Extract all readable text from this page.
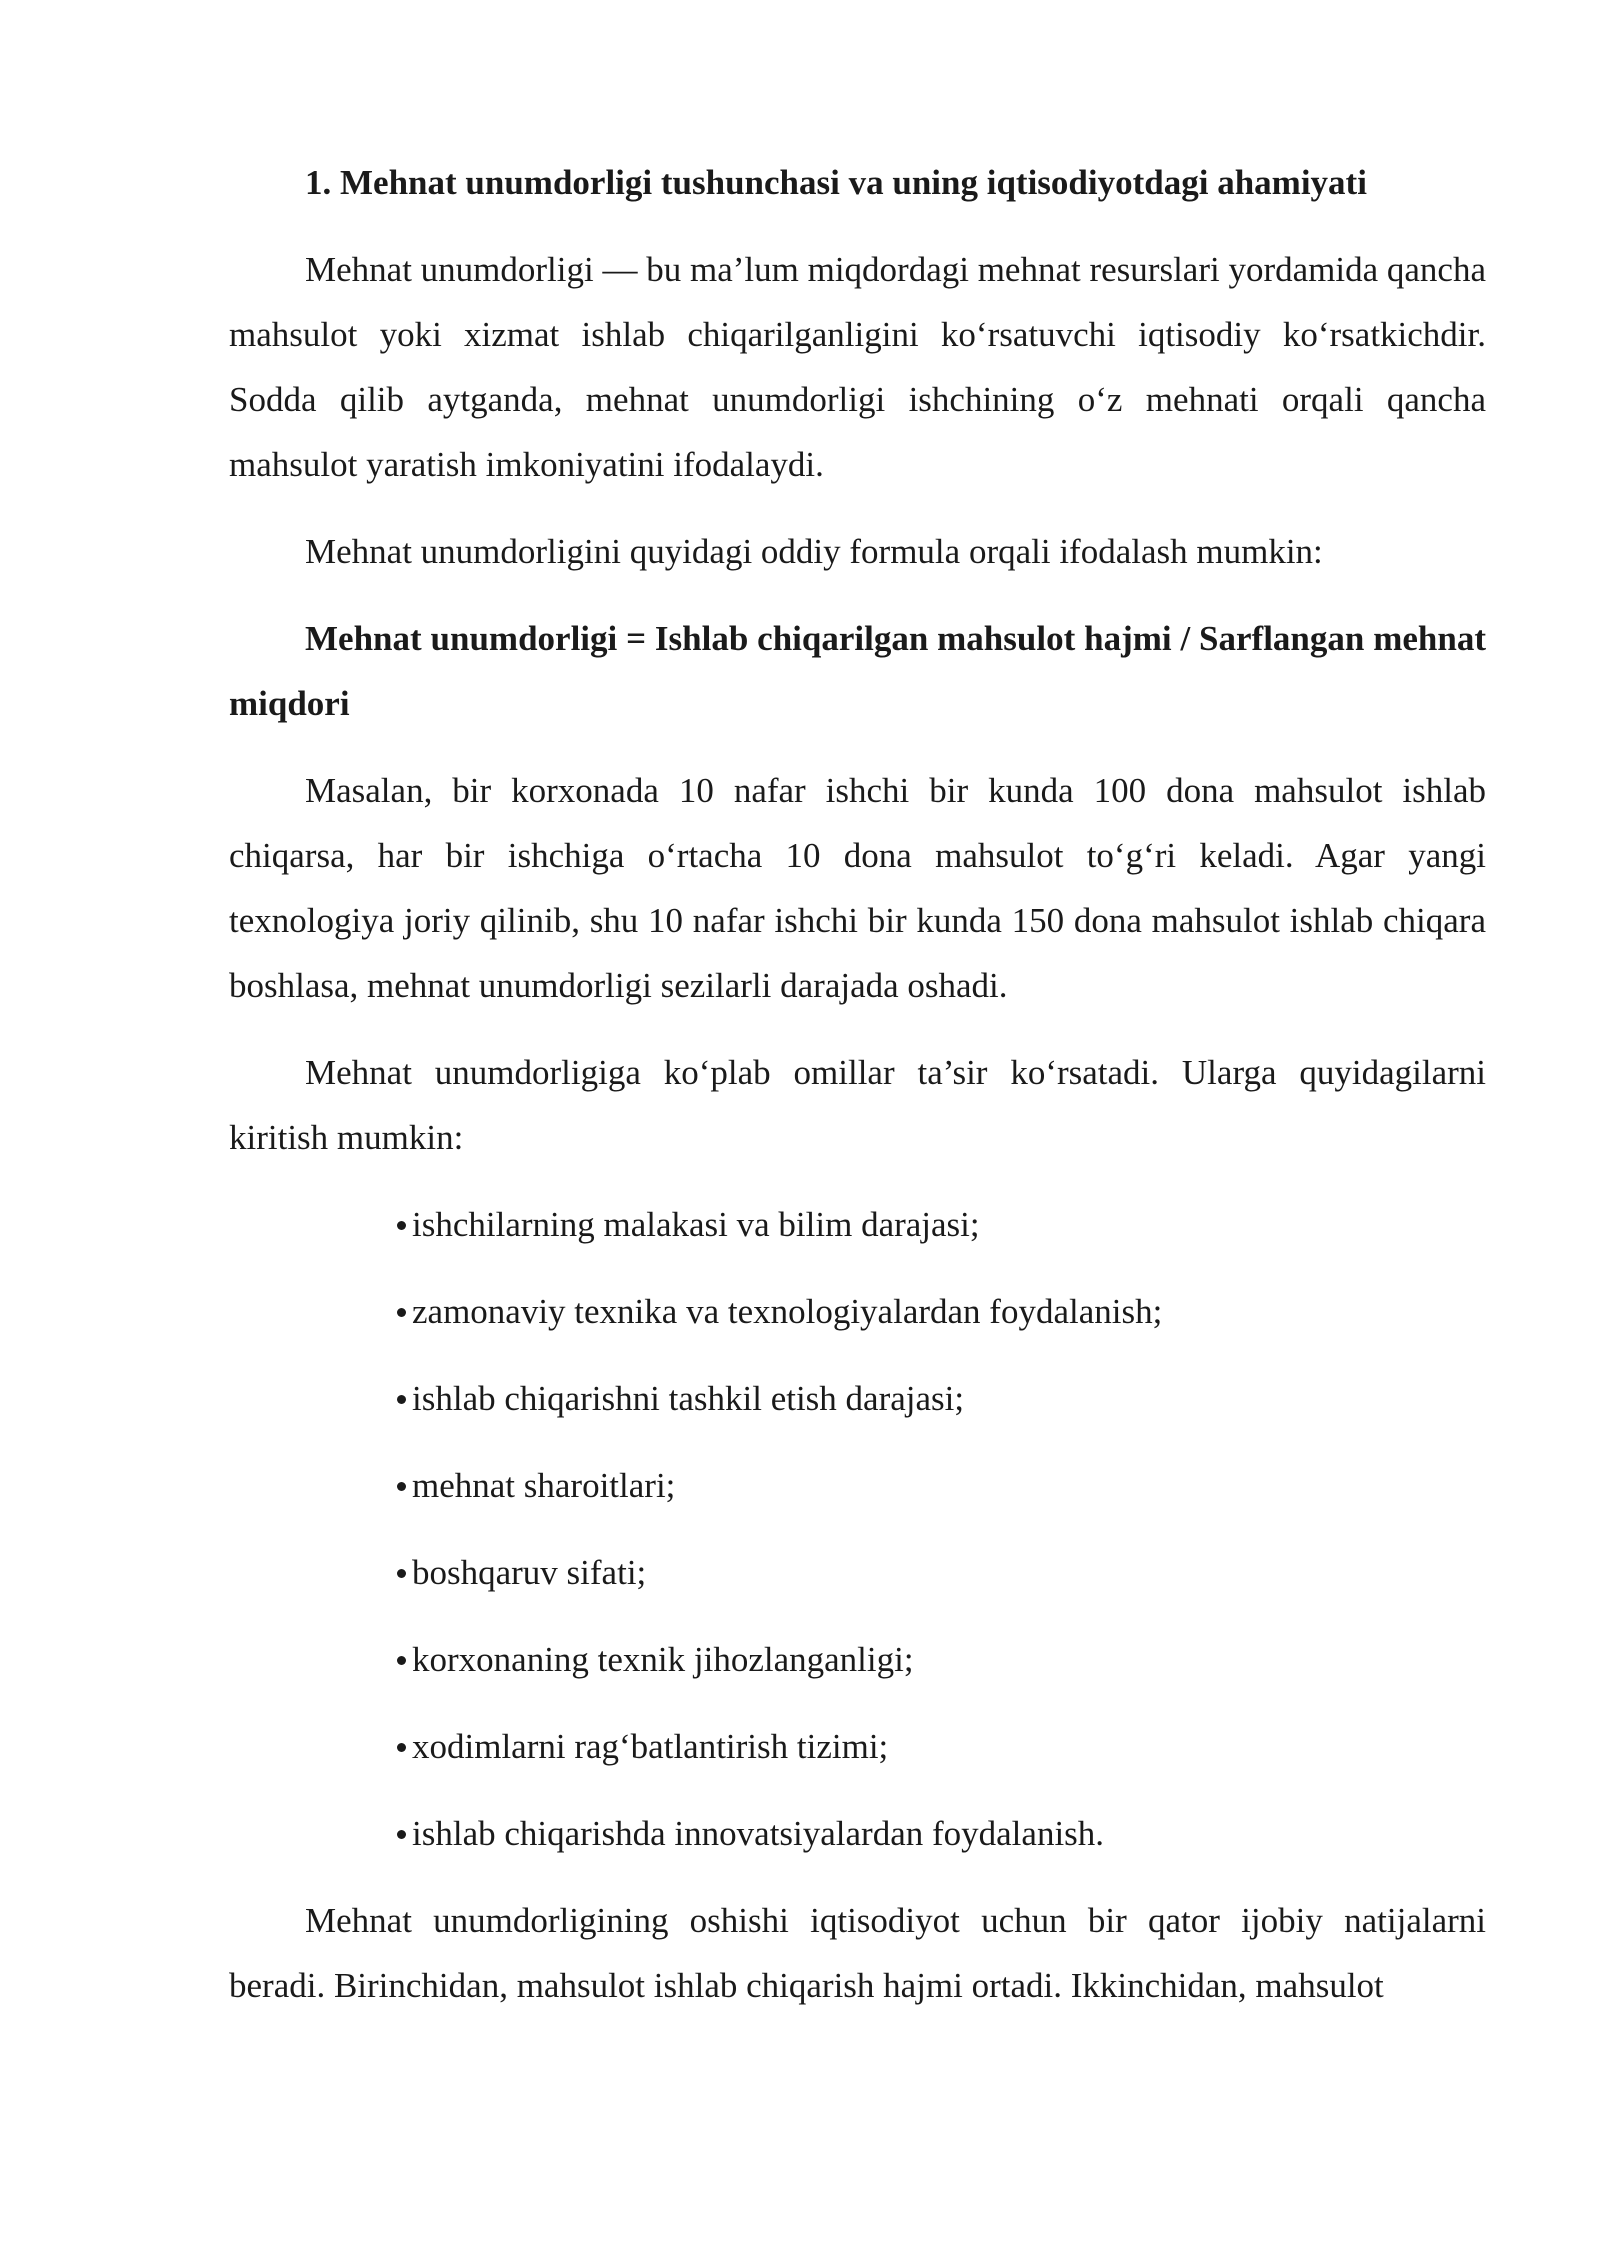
1. Mehnat unumdorligi tushunchasi va uning iqtisodiyotdagi ahamiyati

Mehnat unumdorligi — bu ma’lum miqdordagi mehnat resurslari yordamida qancha mahsulot yoki xizmat ishlab chiqarilganligini ko‘rsatuvchi iqtisodiy ko‘rsatkichdir. Sodda qilib aytganda, mehnat unumdorligi ishchining o‘z mehnati orqali qancha mahsulot yaratish imkoniyatini ifodalaydi.

Mehnat unumdorligini quyidagi oddiy formula orqali ifodalash mumkin:

Mehnat unumdorligi = Ishlab chiqarilgan mahsulot hajmi / Sarflangan mehnat miqdori

Masalan, bir korxonada 10 nafar ishchi bir kunda 100 dona mahsulot ishlab chiqarsa, har bir ishchiga o‘rtacha 10 dona mahsulot to‘g‘ri keladi. Agar yangi texnologiya joriy qilinib, shu 10 nafar ishchi bir kunda 150 dona mahsulot ishlab chiqara boshlasa, mehnat unumdorligi sezilarli darajada oshadi.

Mehnat unumdorligiga ko‘plab omillar ta’sir ko‘rsatadi. Ularga quyidagilarni kiritish mumkin:

ishchilarning malakasi va bilim darajasi;
zamonaviy texnika va texnologiyalardan foydalanish;
ishlab chiqarishni tashkil etish darajasi;
mehnat sharoitlari;
boshqaruv sifati;
korxonaning texnik jihozlanganligi;
xodimlarni rag‘batlantirish tizimi;
ishlab chiqarishda innovatsiyalardan foydalanish.

Mehnat unumdorligining oshishi iqtisodiyot uchun bir qator ijobiy natijalarni beradi. Birinchidan, mahsulot ishlab chiqarish hajmi ortadi. Ikkinchidan, mahsulot
